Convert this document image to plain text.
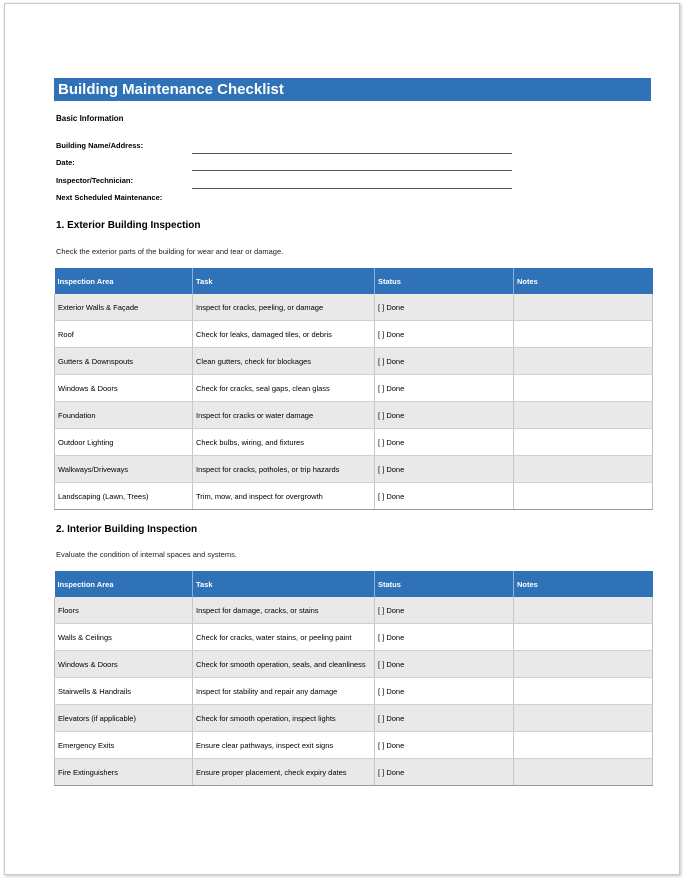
Building Maintenance Checklist
Basic Information
Building Name/Address:
Date:
Inspector/Technician:
Next Scheduled Maintenance:
1. Exterior Building Inspection
Check the exterior parts of the building for wear and tear or damage.
Inspection Area	Task	Status	Notes
Exterior Walls & Façade	Inspect for cracks, peeling, or damage	[ ] Done	
Roof	Check for leaks, damaged tiles, or debris	[ ] Done	
Gutters & Downspouts	Clean gutters, check for blockages	[ ] Done	
Windows & Doors	Check for cracks, seal gaps, clean glass	[ ] Done	
Foundation	Inspect for cracks or water damage	[ ] Done	
Outdoor Lighting	Check bulbs, wiring, and fixtures	[ ] Done	
Walkways/Driveways	Inspect for cracks, potholes, or trip hazards	[ ] Done	
Landscaping (Lawn, Trees)	Trim, mow, and inspect for overgrowth	[ ] Done	
2. Interior Building Inspection
Evaluate the condition of internal spaces and systems.
Inspection Area	Task	Status	Notes
Floors	Inspect for damage, cracks, or stains	[ ] Done	
Walls & Ceilings	Check for cracks, water stains, or peeling paint	[ ] Done	
Windows & Doors	Check for smooth operation, seals, and cleanliness	[ ] Done	
Stairwells & Handrails	Inspect for stability and repair any damage	[ ] Done	
Elevators (if applicable)	Check for smooth operation, inspect lights	[ ] Done	
Emergency Exits	Ensure clear pathways, inspect exit signs	[ ] Done	
Fire Extinguishers	Ensure proper placement, check expiry dates	[ ] Done	
